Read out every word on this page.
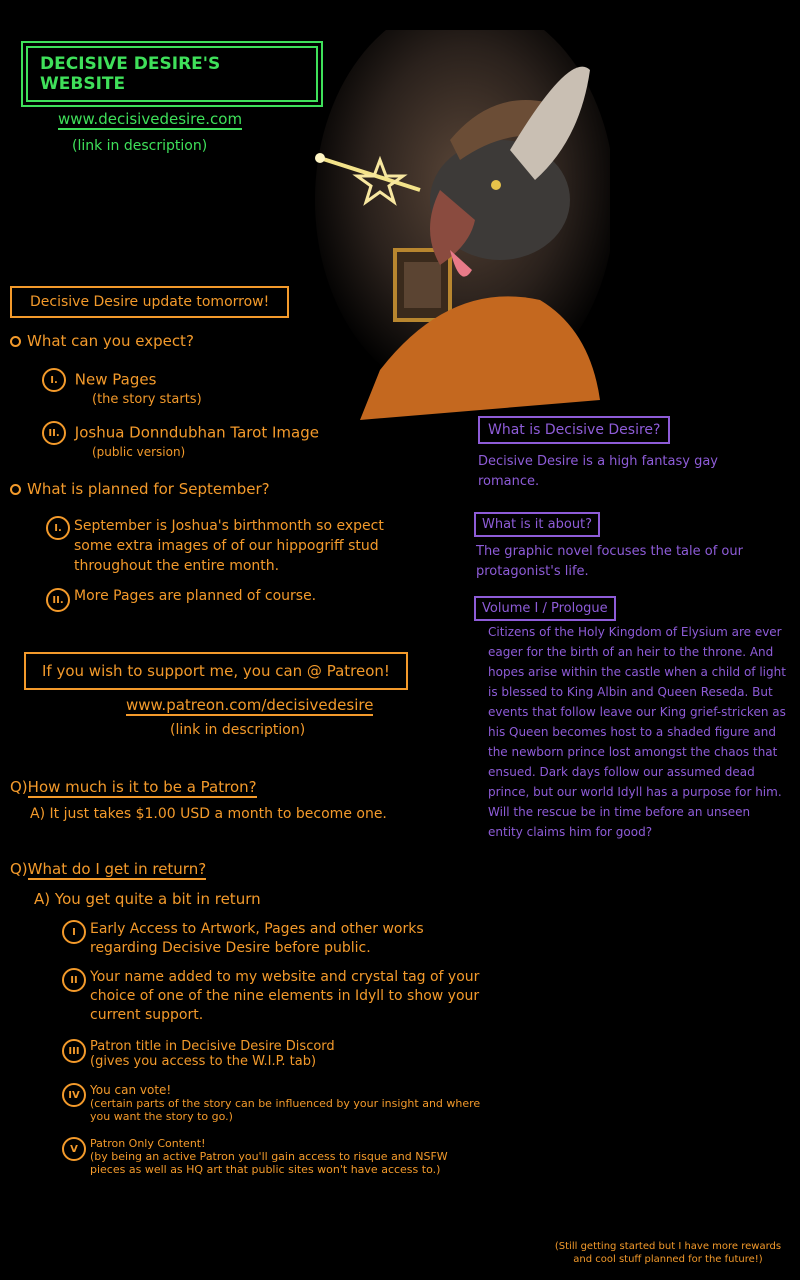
DECISIVE DESIRE'S WEBSITE
www.decisivedesire.com
(link in description)
Decisive Desire update tomorrow!
What can you expect?
I. New Pages
(the story starts)
II. Joshua Donndubhan Tarot Image
(public version)
What is planned for September?
I. September is Joshua's birthmonth so expect some extra images of of our hippogriff stud throughout the entire month.
II. More Pages are planned of course.
If you wish to support me, you can @ Patreon!
www.patreon.com/decisivedesire
(link in description)
Q)How much is it to be a Patron?
A) It just takes $1.00 USD a month to become one.
Q)What do I get in return?
A) You get quite a bit in return
I	Early Access to Artwork, Pages and other works regarding Decisive Desire before public.
II Your name added to my website and crystal tag of your choice of one of the nine elements in Idyll to show your current support.
III Patron title in Decisive Desire Discord
(gives you access to the W.I.P. tab)
IV You can vote!
(certain parts of the story can be influenced by your insight and where you want the story to go.)
V	Patron Only Content!
(by being an active Patron you'll gain access to risque and NSFW pieces as well as HQ art that public sites won't have access to.)
What is Decisive Desire?
Decisive Desire is a high fantasy gay romance.
What is it about?
The graphic novel focuses the tale of our protagonist's life.
Volume I / Prologue
Citizens of the Holy Kingdom of Elysium are ever eager for the birth of an heir to the throne. And hopes arise within the castle when a child of light is blessed to King Albin and Queen Reseda. But events that follow leave our King grief-stricken as his Queen becomes host to a shaded figure and the newborn prince lost amongst the chaos that ensued. Dark days follow our assumed dead prince, but our world Idyll has a purpose for him. Will the rescue be in time before an unseen entity claims him for good?
(Still getting started but I have more rewards and cool stuff planned for the future!)
